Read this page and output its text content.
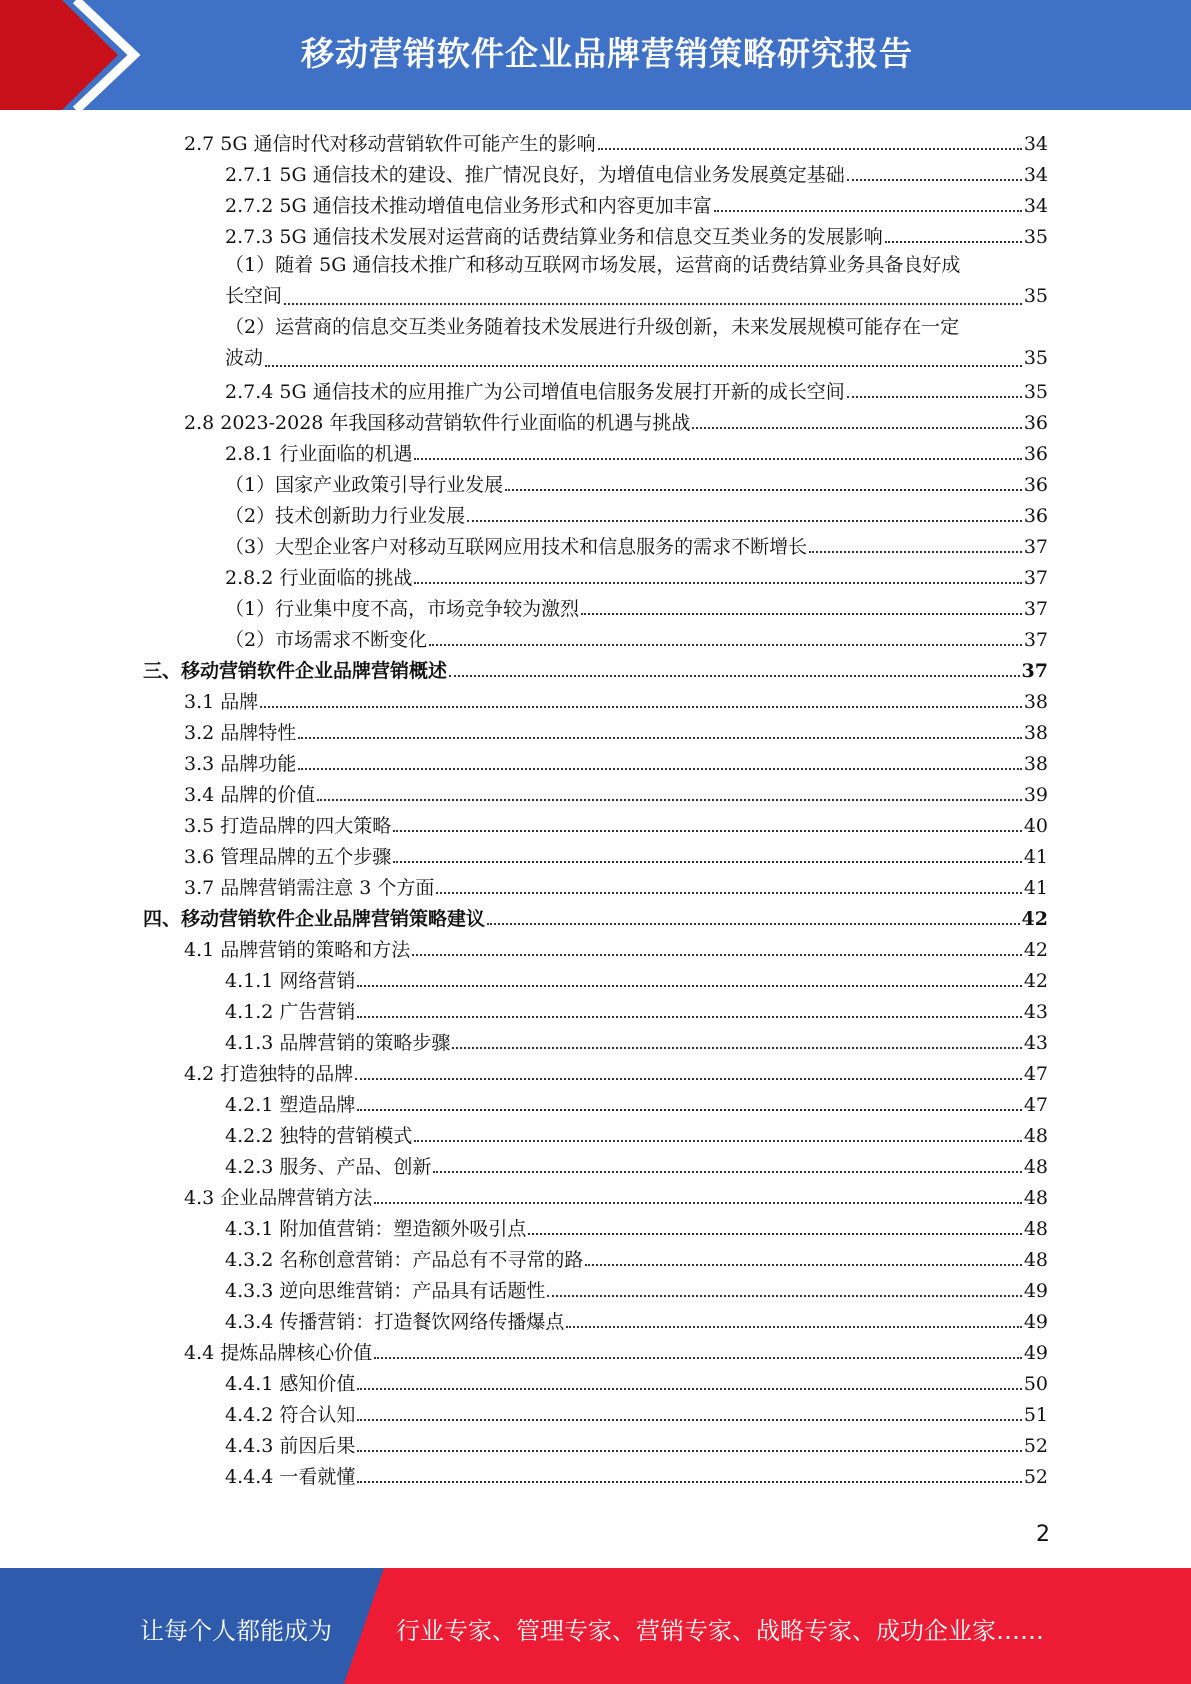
移动营销软件企业品牌营销策略研究报告
2.7 5G 通信时代对移动营销软件可能产生的影响	34
2.7.1 5G 通信技术的建设、推广情况良好，为增值电信业务发展奠定基础	34
2.7.2 5G 通信技术推动增值电信业务形式和内容更加丰富	34
2.7.3 5G 通信技术发展对运营商的话费结算业务和信息交互类业务的发展影响	35
（1）随着 5G 通信技术推广和移动互联网市场发展，运营商的话费结算业务具备良好成
长空间	35
（2）运营商的信息交互类业务随着技术发展进行升级创新，未来发展规模可能存在一定
波动	35
2.7.4 5G 通信技术的应用推广为公司增值电信服务发展打开新的成长空间	35
2.8 2023-2028 年我国移动营销软件行业面临的机遇与挑战	36
2.8.1 行业面临的机遇	36
（1）国家产业政策引导行业发展	36
（2）技术创新助力行业发展	36
（3）大型企业客户对移动互联网应用技术和信息服务的需求不断增长	37
2.8.2 行业面临的挑战	37
（1）行业集中度不高，市场竞争较为激烈	37
（2）市场需求不断变化	37
三、移动营销软件企业品牌营销概述	37
3.1 品牌	38
3.2 品牌特性	38
3.3 品牌功能	38
3.4 品牌的价值	39
3.5 打造品牌的四大策略	40
3.6 管理品牌的五个步骤	41
3.7 品牌营销需注意 3 个方面	41
四、移动营销软件企业品牌营销策略建议	42
4.1 品牌营销的策略和方法	42
4.1.1 网络营销	42
4.1.2 广告营销	43
4.1.3 品牌营销的策略步骤	43
4.2 打造独特的品牌	47
4.2.1 塑造品牌	47
4.2.2 独特的营销模式	48
4.2.3 服务、产品、创新	48
4.3 企业品牌营销方法	48
4.3.1 附加值营销：塑造额外吸引点	48
4.3.2 名称创意营销：产品总有不寻常的路	48
4.3.3 逆向思维营销：产品具有话题性	49
4.3.4 传播营销：打造餐饮网络传播爆点	49
4.4 提炼品牌核心价值	49
4.4.1 感知价值	50
4.4.2 符合认知	51
4.4.3 前因后果	52
4.4.4 一看就懂	52
2
让每个人都能成为	行业专家、管理专家、营销专家、战略专家、成功企业家……
